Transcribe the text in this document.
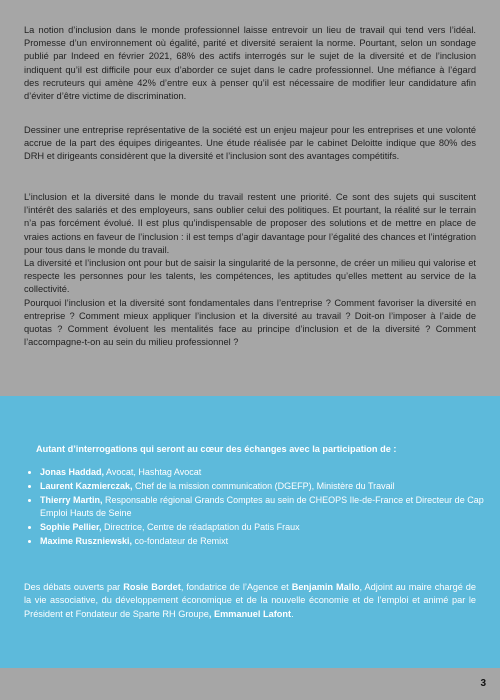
La notion d’inclusion dans le monde professionnel laisse entrevoir un lieu de travail qui tend vers l’idéal. Promesse d’un environnement où égalité, parité et diversité seraient la norme. Pourtant, selon un sondage publié par Indeed en février 2021, 68% des actifs interrogés sur le sujet de la diversité et de l’inclusion indiquent qu’il est difficile pour eux d’aborder ce sujet dans le cadre professionnel. Une méfiance à l’égard des recruteurs qui amène 42% d’entre eux à penser qu’il est nécessaire de modifier leur candidature afin d’éviter d’être victime de discrimination.

Dessiner une entreprise représentative de la société est un enjeu majeur pour les entreprises et une volonté accrue de la part des équipes dirigeantes. Une étude réalisée par le cabinet Deloitte indique que 80% des DRH et dirigeants considèrent que la diversité et l’inclusion sont des avantages compétitifs.

L’inclusion et la diversité dans le monde du travail restent une priorité. Ce sont des sujets qui suscitent l’intérêt des salariés et des employeurs, sans oublier celui des politiques. Et pourtant, la réalité sur le terrain n’a pas forcément évolué. Il est plus qu’indispensable de proposer des solutions et de mettre en place de vraies actions en faveur de l’inclusion : il est temps d’agir davantage pour l’égalité des chances et l’intégration pour tous dans le monde du travail.

La diversité et l’inclusion ont pour but de saisir la singularité de la personne, de créer un milieu qui valorise et respecte les personnes pour les talents, les compétences, les aptitudes qu’elles mettent au service de la collectivité.

Pourquoi l’inclusion et la diversité sont fondamentales dans l’entreprise ? Comment favoriser la diversité en entreprise ? Comment mieux appliquer l’inclusion et la diversité au travail ? Doit-on l’imposer à l’aide de quotas ? Comment évoluent les mentalités face au principe d’inclusion et de la diversité ? Comment l’accompagne-t-on au sein du milieu professionnel ?

Autant d’interrogations qui seront au cœur des échanges avec la participation de :

• Jonas Haddad, Avocat, Hashtag Avocat
• Laurent Kazmierczak, Chef de la mission communication (DGEFP), Ministère du Travail
• Thierry Martin, Responsable régional Grands Comptes au sein de CHEOPS Ile-de-France et Directeur de Cap Emploi Hauts de Seine
• Sophie Pellier, Directrice, Centre de réadaptation du Patis Fraux
• Maxime Ruszniewski, co-fondateur de Remixt

Des débats ouverts par Rosie Bordet, fondatrice de l’Agence et Benjamin Mallo, Adjoint au maire chargé de la vie associative, du développement économique et de la nouvelle économie et de l’emploi et animé par le Président et Fondateur de Sparte RH Groupe, Emmanuel Lafont.

3
